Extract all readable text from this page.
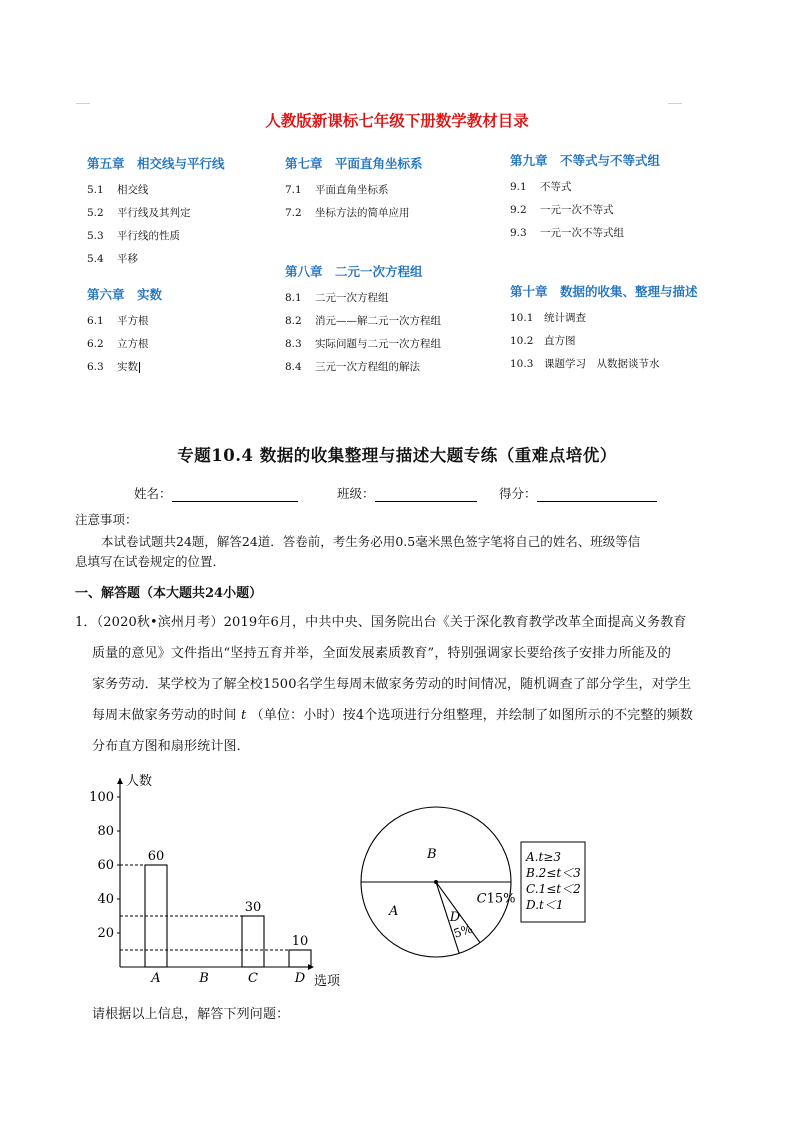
人教版新课标七年级下册数学教材目录
第五章　相交线与平行线
5.1 相交线
5.2 平行线及其判定
5.3 平行线的性质
5.4 平移
第六章　实数
6.1 平方根
6.2 立方根
6.3 实数
第七章　平面直角坐标系
7.1 平面直角坐标系
7.2 坐标方法的简单应用
第八章　二元一次方程组
8.1 二元一次方程组
8.2 消元——解二元一次方程组
8.3 实际问题与二元一次方程组
8.4 三元一次方程组的解法
第九章　不等式与不等式组
9.1 不等式
9.2 一元一次不等式
9.3 一元一次不等式组
第十章　数据的收集、整理与描述
10.1 统计调查
10.2 直方图
10.3 课题学习　从数据谈节水
专题10.4 数据的收集整理与描述大题专练（重难点培优）
姓名：	班级：	得分：
注意事项：
本试卷试题共24题，解答24道．答卷前，考生务必用0.5毫米黑色签字笔将自己的姓名、班级等信
息填写在试卷规定的位置．
一、解答题（本大题共24小题）
1．（2020秋•滨州月考）2019年6月，中共中央、国务院出台《关于深化教育教学改革全面提高义务教育
质量的意见》文件指出“坚持五育并举，全面发展素质教育”，特别强调家长要给孩子安排力所能及的
家务劳动．某学校为了解全校1500名学生每周末做家务劳动的时间情况，随机调查了部分学生，对学生
每周末做家务劳动的时间 t （单位：小时）按4个选项进行分组整理，并绘制了如图所示的不完整的频数
分布直方图和扇形统计图．
20
40
60
80
100
60
A	B
30
C
10
D
人数
选项
B
A
C 15%
D
5%
A.t≥3
B.2≤t＜3
C.1≤t＜2
D.t＜1
请根据以上信息，解答下列问题：
